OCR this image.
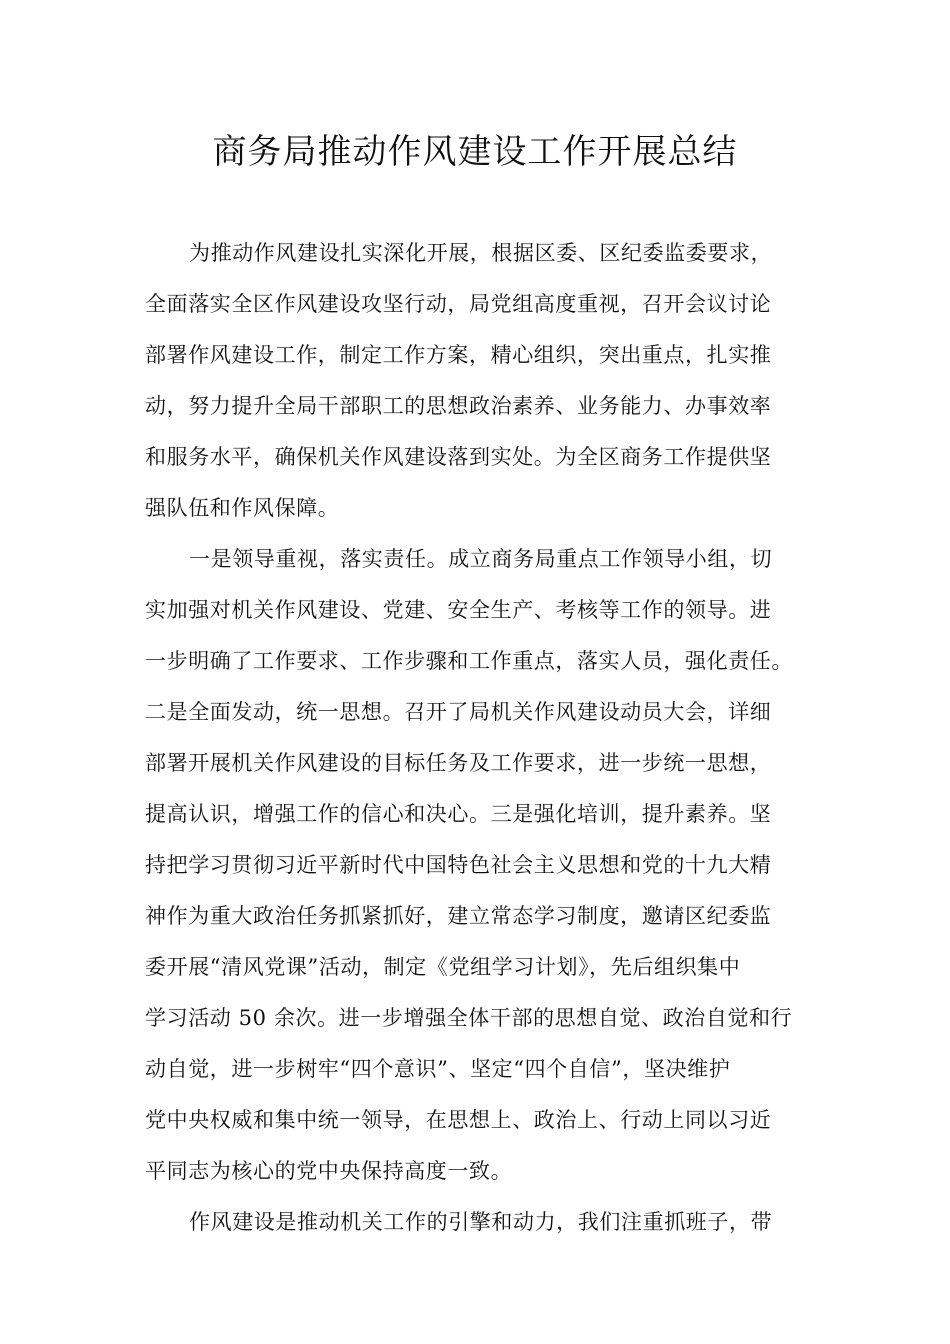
商务局推动作风建设工作开展总结
为推动作风建设扎实深化开展，根据区委、区纪委监委要求，
全面落实全区作风建设攻坚行动，局党组高度重视，召开会议讨论
部署作风建设工作，制定工作方案，精心组织，突出重点，扎实推
动，努力提升全局干部职工的思想政治素养、业务能力、办事效率
和服务水平，确保机关作风建设落到实处。为全区商务工作提供坚
强队伍和作风保障。
一是领导重视，落实责任。成立商务局重点工作领导小组，切
实加强对机关作风建设、党建、安全生产、考核等工作的领导。进
一步明确了工作要求、工作步骤和工作重点，落实人员，强化责任。
二是全面发动，统一思想。召开了局机关作风建设动员大会，详细
部署开展机关作风建设的目标任务及工作要求，进一步统一思想，
提高认识，增强工作的信心和决心。三是强化培训，提升素养。坚
持把学习贯彻习近平新时代中国特色社会主义思想和党的十九大精
神作为重大政治任务抓紧抓好，建立常态学习制度，邀请区纪委监
委开展“清风党课”活动，制定《党组学习计划》，先后组织集中
学习活动 50 余次。进一步增强全体干部的思想自觉、政治自觉和行
动自觉，进一步树牢“四个意识”、坚定“四个自信”，坚决维护
党中央权威和集中统一领导，在思想上、政治上、行动上同以习近
平同志为核心的党中央保持高度一致。
作风建设是推动机关工作的引擎和动力，我们注重抓班子，带
